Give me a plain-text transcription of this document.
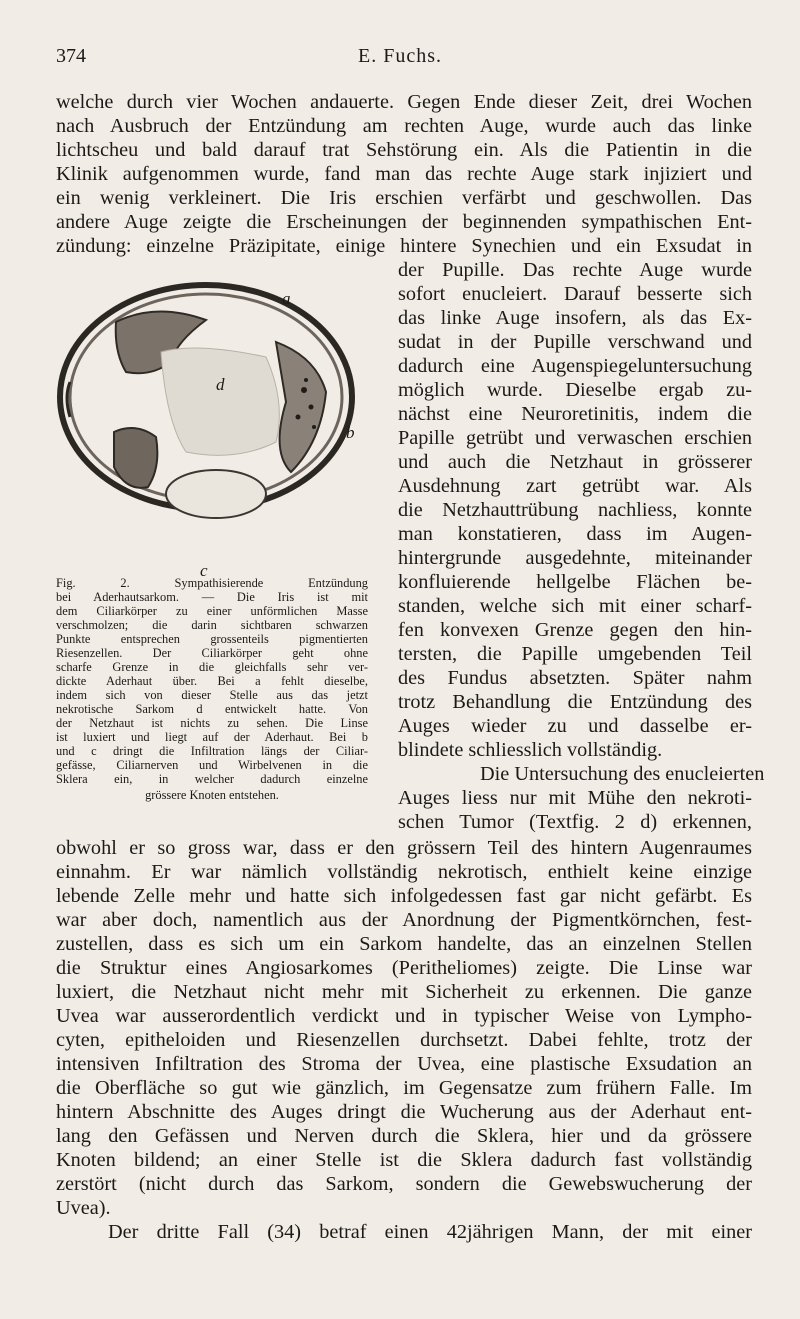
374	E. Fuchs.
welche durch vier Wochen andauerte. Gegen Ende dieser Zeit, drei Wochen
nach Ausbruch der Entzündung am rechten Auge, wurde auch das linke
lichtscheu und bald darauf trat Sehstörung ein. Als die Patientin in die
Klinik aufgenommen wurde, fand man das rechte Auge stark injiziert und
ein wenig verkleinert. Die Iris erschien verfärbt und geschwollen. Das
andere Auge zeigte die Erscheinungen der beginnenden sympathischen Ent-
zündung: einzelne Präzipitate, einige hintere Synechien und ein Exsudat in
der Pupille. Das rechte Auge wurde
sofort enucleiert. Darauf besserte sich
das linke Auge insofern, als das Ex-
sudat in der Pupille verschwand und
dadurch eine Augenspiegeluntersuchung
möglich wurde. Dieselbe ergab zu-
nächst eine Neuroretinitis, indem die
Papille getrübt und verwaschen erschien
und auch die Netzhaut in grösserer
Ausdehnung zart getrübt war. Als
die Netzhauttrübung nachliess, konnte
man konstatieren, dass im Augen-
hintergrunde ausgedehnte, miteinander
konfluierende hellgelbe Flächen be-
standen, welche sich mit einer scharf-
fen konvexen Grenze gegen den hin-
tersten, die Papille umgebenden Teil
des Fundus absetzten. Später nahm
trotz Behandlung die Entzündung des
Auges wieder zu und dasselbe er-
blindete schliesslich vollständig.
Die Untersuchung des enucleierten
Auges liess nur mit Mühe den nekroti-
schen Tumor (Textfig. 2 d) erkennen,
a
d
b
c
Fig. 2. Sympathisierende Entzündung
bei Aderhautsarkom. — Die Iris ist mit
dem Ciliarkörper zu einer unförmlichen Masse
verschmolzen; die darin sichtbaren schwarzen
Punkte entsprechen grossenteils pigmentierten
Riesenzellen. Der Ciliarkörper geht ohne
scharfe Grenze in die gleichfalls sehr ver-
dickte Aderhaut über. Bei a fehlt dieselbe,
indem sich von dieser Stelle aus das jetzt
nekrotische Sarkom d entwickelt hatte. Von
der Netzhaut ist nichts zu sehen. Die Linse
ist luxiert und liegt auf der Aderhaut. Bei b
und c dringt die Infiltration längs der Ciliar-
gefässe, Ciliarnerven und Wirbelvenen in die
Sklera ein, in welcher dadurch einzelne
grössere Knoten entstehen.
obwohl er so gross war, dass er den grössern Teil des hintern Augenraumes
einnahm. Er war nämlich vollständig nekrotisch, enthielt keine einzige
lebende Zelle mehr und hatte sich infolgedessen fast gar nicht gefärbt. Es
war aber doch, namentlich aus der Anordnung der Pigmentkörnchen, fest-
zustellen, dass es sich um ein Sarkom handelte, das an einzelnen Stellen
die Struktur eines Angiosarkomes (Peritheliomes) zeigte. Die Linse war
luxiert, die Netzhaut nicht mehr mit Sicherheit zu erkennen. Die ganze
Uvea war ausserordentlich verdickt und in typischer Weise von Lympho-
cyten, epitheloiden und Riesenzellen durchsetzt. Dabei fehlte, trotz der
intensiven Infiltration des Stroma der Uvea, eine plastische Exsudation an
die Oberfläche so gut wie gänzlich, im Gegensatze zum frühern Falle. Im
hintern Abschnitte des Auges dringt die Wucherung aus der Aderhaut ent-
lang den Gefässen und Nerven durch die Sklera, hier und da grössere
Knoten bildend; an einer Stelle ist die Sklera dadurch fast vollständig
zerstört (nicht durch das Sarkom, sondern die Gewebswucherung der
Uvea).
Der dritte Fall (34) betraf einen 42jährigen Mann, der mit einer
